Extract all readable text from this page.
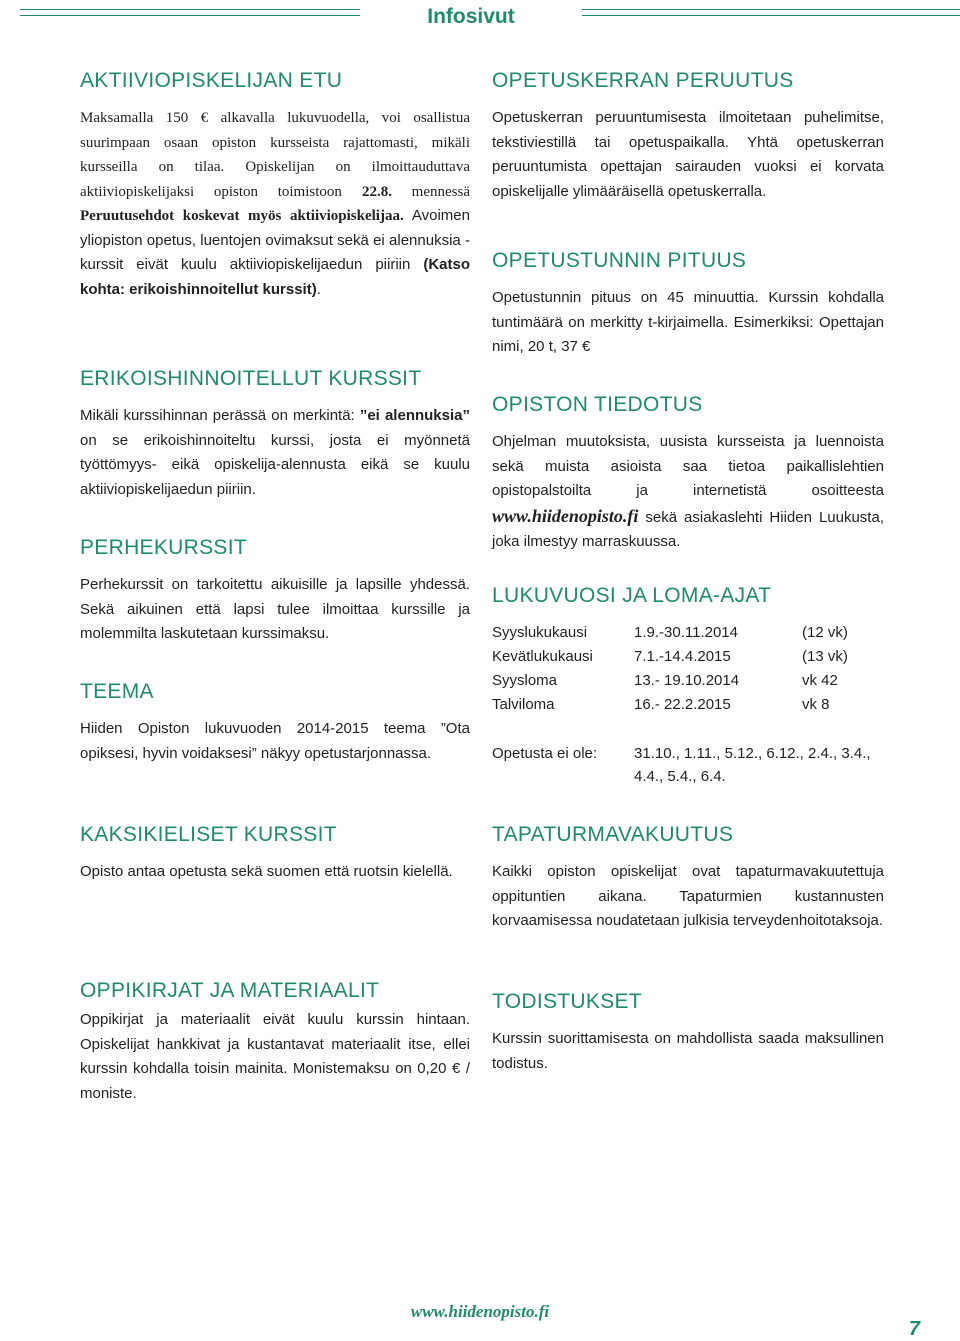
Infosivut
AKTIIVIOPISKELIJAN ETU

Maksamalla 150 € alkavalla lukuvuodella, voi osallistua suurimpaan osaan opiston kursseista rajattomasti, mikäli kursseilla on tilaa. Opiskelijan on ilmoittauduttava aktiiviopiskelijaksi opiston toimistoon 22.8. mennessä Peruutusehdot koskevat myös aktiiviopiskelijaa. Avoimen yliopiston opetus, luentojen ovimaksut sekä ei alennuksia -kurssit eivät kuulu aktiiviopiskelijaedun piiriin (Katso kohta: erikoishinnoitellut kurssit).

ERIKOISHINNOITELLUT KURSSIT

Mikäli kurssihinnan perässä on merkintä: ”ei alennuksia” on se erikoishinnoiteltu kurssi, josta ei myönnetä työttömyys- eikä opiskelija-alennusta eikä se kuulu aktiiviopiskelijaedun piiriin.

PERHEKURSSIT

Perhekurssit on tarkoitettu aikuisille ja lapsille yhdessä. Sekä aikuinen että lapsi tulee ilmoittaa kurssille ja molemmilta laskutetaan kurssimaksu.

TEEMA

Hiiden Opiston lukuvuoden 2014-2015 teema ”Ota opiksesi, hyvin voidaksesi” näkyy opetustarjonnassa.

KAKSIKIELISET KURSSIT

Opisto antaa opetusta sekä suomen että ruotsin kielellä.

OPPIKIRJAT JA MATERIAALIT

Oppikirjat ja materiaalit eivät kuulu kurssin hintaan. Opiskelijat hankkivat ja kustantavat materiaalit itse, ellei kurssin kohdalla toisin mainita. Monistemaksu on 0,20 € / moniste.

OPETUSKERRAN PERUUTUS

Opetuskerran peruuntumisesta ilmoitetaan puhelimitse, tekstiviestillä tai opetuspaikalla. Yhtä opetuskerran peruuntumista opettajan sairauden vuoksi ei korvata opiskelijalle ylimääräisellä opetuskerralla.

OPETUSTUNNIN PITUUS

Opetustunnin pituus on 45 minuuttia. Kurssin kohdalla tuntimäärä on merkitty t-kirjaimella. Esimerkiksi: Opettajan nimi, 20 t, 37 €

OPISTON TIEDOTUS

Ohjelman muutoksista, uusista kursseista ja luennoista sekä muista asioista saa tietoa paikallislehtien opistopalstoilta ja internetistä osoitteesta www.hiidenopisto.fi sekä asiakaslehti Hiiden Luukusta, joka ilmestyy marraskuussa.

LUKUVUOSI JA LOMA-AJAT
Syyslukukausi	1.9.-30.11.2014	(12 vk)
Kevätlukukausi	7.1.-14.4.2015	(13 vk)
Syysloma	13.- 19.10.2014	vk 42
Talviloma	16.- 22.2.2015	vk 8
Opetusta ei ole: 31.10., 1.11., 5.12., 6.12., 2.4., 3.4., 4.4., 5.4., 6.4.
TAPATURMAVAKUUTUS

Kaikki opiston opiskelijat ovat tapaturmavakuutettuja oppituntien aikana. Tapaturmien kustannusten korvaamisessa noudatetaan julkisia terveydenhoitotaksoja.

TODISTUKSET

Kurssin suorittamisesta on mahdollista saada maksullinen todistus.

www.hiidenopisto.fi
7
